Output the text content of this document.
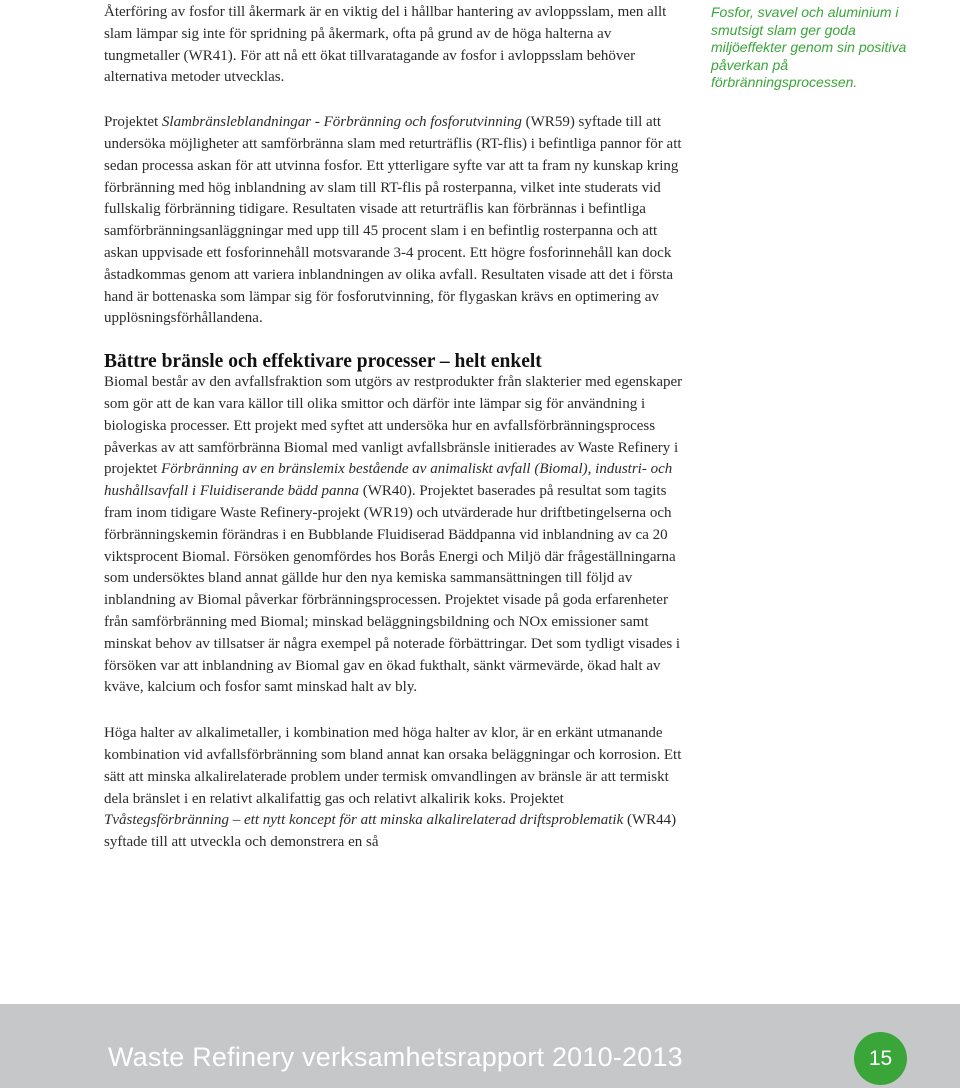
Återföring av fosfor till åkermark är en viktig del i hållbar hantering av avloppsslam, men allt slam lämpar sig inte för spridning på åkermark, ofta på grund av de höga halterna av tungmetaller (WR41). För att nå ett ökat tillvaratagande av fosfor i avloppsslam behöver alternativa metoder utvecklas.

Projektet Slambränsleblandningar - Förbränning och fosforutvinning (WR59) syftade till att undersöka möjligheter att samförbränna slam med returträflis (RT-flis) i befintliga pannor för att sedan processa askan för att utvinna fosfor. Ett ytterligare syfte var att ta fram ny kunskap kring förbränning med hög inblandning av slam till RT-flis på rosterpanna, vilket inte studerats vid fullskalig förbränning tidigare. Resultaten visade att returträflis kan förbrännas i befintliga samförbränningsanläggningar med upp till 45 procent slam i en befintlig rosterpanna och att askan uppvisade ett fosforinnehåll motsvarande 3-4 procent. Ett högre fosforinnehåll kan dock åstadkommas genom att variera inblandningen av olika avfall. Resultaten visade att det i första hand är bottenaska som lämpar sig för fosforutvinning, för flygaskan krävs en optimering av upplösningsförhållandena.

Bättre bränsle och effektivare processer – helt enkelt

Biomal består av den avfallsfraktion som utgörs av restprodukter från slakterier med egenskaper som gör att de kan vara källor till olika smittor och därför inte lämpar sig för användning i biologiska processer. Ett projekt med syftet att undersöka hur en avfallsförbränningsprocess påverkas av att samförbränna Biomal med vanligt avfallsbränsle initierades av Waste Refinery i projektet Förbränning av en bränslemix bestående av animaliskt avfall (Biomal), industri- och hushållsavfall i Fluidiserande bädd panna (WR40). Projektet baserades på resultat som tagits fram inom tidigare Waste Refinery-projekt (WR19) och utvärderade hur driftbetingelserna och förbränningskemin förändras i en Bubblande Fluidiserad Bäddpanna vid inblandning av ca 20 viktsprocent Biomal. Försöken genomfördes hos Borås Energi och Miljö där frågeställningarna som undersöktes bland annat gällde hur den nya kemiska sammansättningen till följd av inblandning av Biomal påverkar förbränningsprocessen. Projektet visade på goda erfarenheter från samförbränning med Biomal; minskad beläggningsbildning och NOx emissioner samt minskat behov av tillsatser är några exempel på noterade förbättringar. Det som tydligt visades i försöken var att inblandning av Biomal gav en ökad fukthalt, sänkt värmevärde, ökad halt av kväve, kalcium och fosfor samt minskad halt av bly.

Höga halter av alkalimetaller, i kombination med höga halter av klor, är en erkänt utmanande kombination vid avfallsförbränning som bland annat kan orsaka beläggningar och korrosion. Ett sätt att minska alkalirelaterade problem under termisk omvandlingen av bränsle är att termiskt dela bränslet i en relativt alkalifattig gas och relativt alkalirik koks. Projektet Tvåstegsförbränning – ett nytt koncept för att minska alkalirelaterad driftsproblematik (WR44) syftade till att utveckla och demonstrera en så

Fosfor, svavel och aluminium i smutsigt slam ger goda miljöeffekter genom sin positiva påverkan på förbränningsprocessen.
Waste Refinery verksamhetsrapport 2010-2013	15
